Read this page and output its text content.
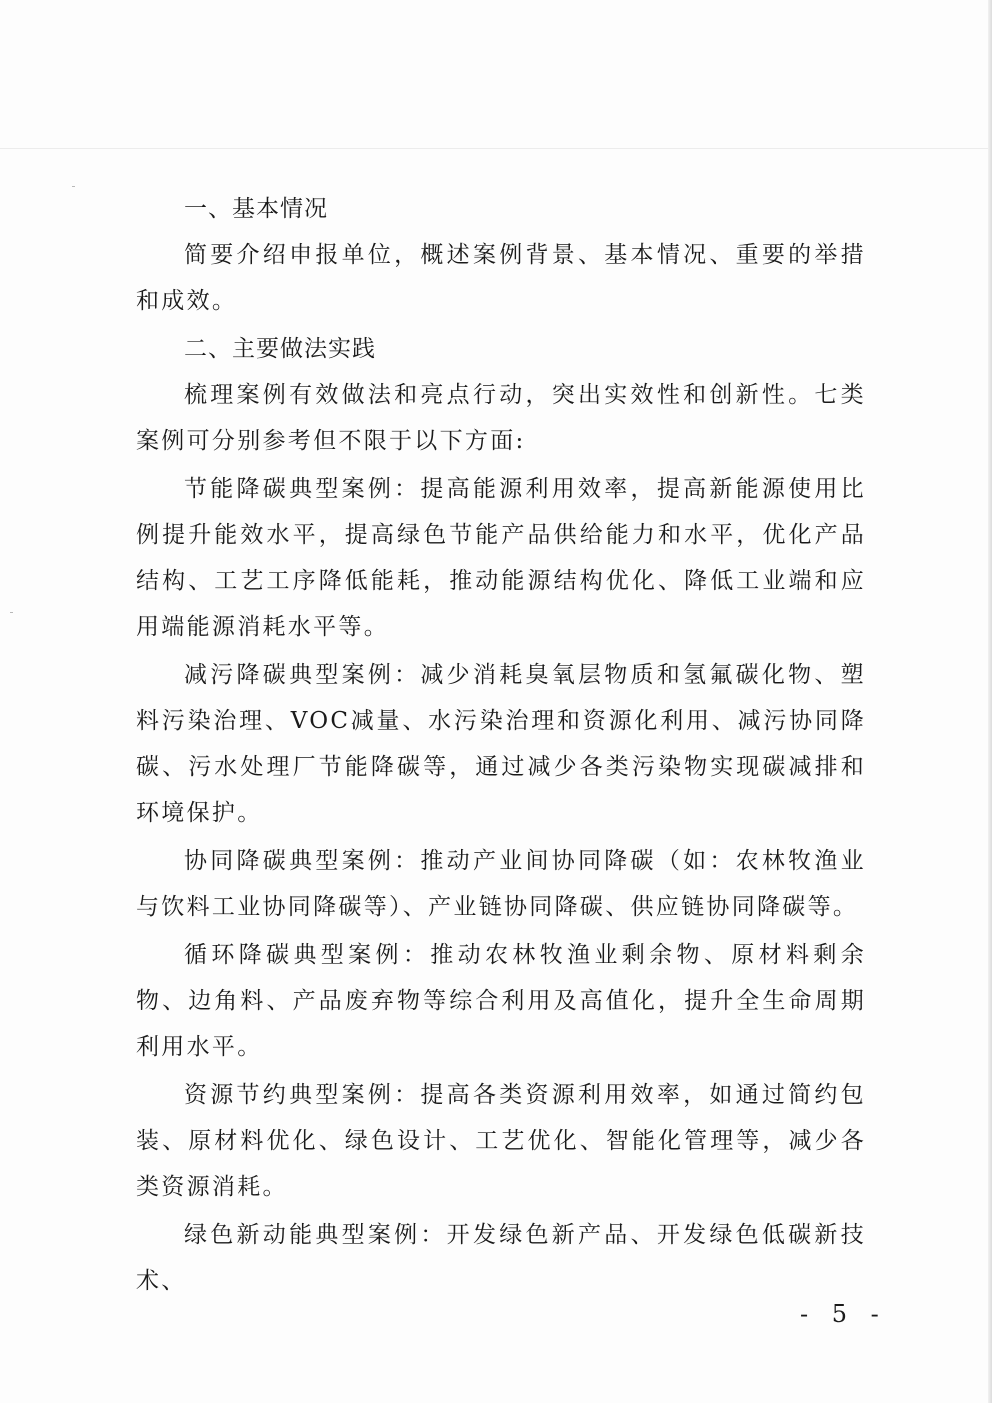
一、基本情况

简要介绍申报单位，概述案例背景、基本情况、重要的举措和成效。

二、主要做法实践

梳理案例有效做法和亮点行动，突出实效性和创新性。七类案例可分别参考但不限于以下方面:

节能降碳典型案例：提高能源利用效率，提高新能源使用比例提升能效水平，提高绿色节能产品供给能力和水平，优化产品结构、工艺工序降低能耗，推动能源结构优化、降低工业端和应用端能源消耗水平等。

减污降碳典型案例：减少消耗臭氧层物质和氢氟碳化物、塑料污染治理、VOC减量、水污染治理和资源化利用、减污协同降碳、污水处理厂节能降碳等，通过减少各类污染物实现碳减排和环境保护。

协同降碳典型案例：推动产业间协同降碳（如：农林牧渔业与饮料工业协同降碳等）、产业链协同降碳、供应链协同降碳等。

循环降碳典型案例：推动农林牧渔业剩余物、原材料剩余物、边角料、产品废弃物等综合利用及高值化，提升全生命周期利用水平。

资源节约典型案例：提高各类资源利用效率，如通过简约包装、原材料优化、绿色设计、工艺优化、智能化管理等，减少各类资源消耗。

绿色新动能典型案例：开发绿色新产品、开发绿色低碳新技术、

- 5 -
